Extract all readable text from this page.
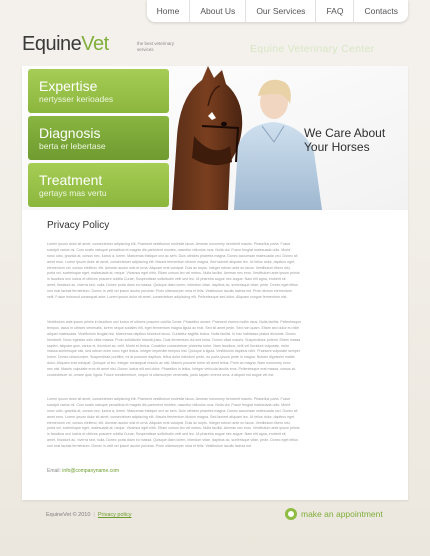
Home	About Us	Our Services	FAQ	Contacts
EquineVet	the best veterinary services
Expertise
nertysser kerioades
Diagnosis
berta er lebertase
Treatment
gertays mas vertu
We Care About
Your Horses
Equine Veterinary Center
Privacy Policy
Lorem ipsum dolor sit amet, consectetuer adipiscing elit. Praesent vestibulum molestie lacus. Aenean nonummy hendrerit mauris. Phasellus porta. Fusce
suscipit varius mi. Cum sociis natoque penatibus et magnis dis parturient montes, nascetur ridiculus mus. Nulla dui. Fusce feugiat malesuada odio. Morbi
nunc odio, gravida at, cursus nec, luctus a, lorem. Maecenas tristique orci ac sem. Duis ultricies pharetra magna. Donec accumsan malesuada orci. Donec sit
amet eros. Lorem ipsum dolor sit amet, consectetuer adipiscing elit. Mauris fermentum dictum magna. Sed laoreet aliquam leo. Ut tellus dolor, dapibus eget,
elementum vel, cursus eleifend, elit. Aenean auctor wisi et urna. Aliquam erat volutpat. Duis ac turpis. Integer rutrum ante eu lacus. Vestibulum libero nisl,
porta vel, scelerisque eget, malesuada at, neque. Vivamus eget nibh. Etiam cursus leo vel metus. Nulla facilisi. Aenean nec eros. Vestibulum ante ipsum primis
in faucibus orci luctus et ultrices posuere cubilia Curae; Suspendisse sollicitudin velit sed leo. Ut pharetra augue nec augue. Nam elit agna, endrerit sit
amet, tincidunt ac, viverra sed, nulla. Donec porta diam eu massa. Quisque diam lorem, interdum vitae, dapibus ac, scelerisque vitae, pede. Donec eget tellus
non erat lacinia fermentum. Donec in velit vel ipsum auctor pulvinar. Proin ullamcorper urna et felis. Vestibulum iaculis lacinia est. Proin dictum elementum
velit. Fusce euismod consequat ante. Lorem ipsum dolor sit amet, consectetuer adipiscing elit. Pellentesque sed dolor. Aliquam congue fermentum nisl.
Vestibulum ante ipsum primis in faucibus orci luctus et ultrices posuere cubilia Curae; Phasellus ornare. Praesent viverra mollis risus. Nulla facilisi. Pellentesque
tempus, lacus in ultrices venenatis, lorem neque sodales elit, eget fermentum magna ligula ac erat. Sed sit amet pede. Sed non quam. Etiam sed dolor eu nibh
aliquet malesuada. Vestibulum feugiat nisl. Maecenas dapibus tincidunt lacus. Curabitur sagittis lectus. Nulla facilisi. In hac habitasse platea dictumst. Donec
hendrerit. Nunc egestas odio vitae massa. Proin sollicitudin blandit justo. Duis fermentum dui sed tortor. Donec vitae mauris. Suspendisse potenti. Etiam massa
sapien, aliquam quis, varius et, tincidunt ac, velit. Morbi et lectus. Curabitur consectetuer pharetra tortor. Nam faucibus, velit vel tincidunt vulputate, enim
massa scelerisque nisl, sed rutrum enim nunc eget lectus. Integer imperdiet tempus nisl. Quisque a ligula. Vestibulum dapibus nibh. Praesent vulputate semper
lorem. Donec ullamcorper. Suspendisse porttitor, mi at posuere dapibus, tellus dolor interdum pede, eu porta ipsum pede in magna. Nullam dignissim mattis
dolor. Aliquam erat volutpat. Quisque ut leo. Integer consequat mauris ac nisi. Mauris posuere tortor sit amet tellus. Proin ac magna. Nam nonummy nunc
nec nisi. Mauris vulputate eros sit amet nisi. Donec luctus elit sed dolor. Phasellus in tellus. Integer vehicula iaculis eros. Pellentesque erat massa, cursus at,
consectetuer at, ornare quis, ligula. Fusce condimentum, neque id ullamcorper venenatis, justo sapien viverra urna, a aliquet est augue vel est.
Lorem ipsum dolor sit amet, consectetuer adipiscing elit. Praesent vestibulum molestie lacus. Aenean nonummy hendrerit mauris. Phasellus porta. Fusce
suscipit varius mi. Cum sociis natoque penatibus et magnis dis parturient montes, nascetur ridiculus mus. Nulla dui. Fusce feugiat malesuada odio. Morbi
nunc odio, gravida at, cursus nec, luctus a, lorem. Maecenas tristique orci ac sem. Duis ultricies pharetra magna. Donec accumsan malesuada orci. Donec sit
amet eros. Lorem ipsum dolor sit amet, consectetuer adipiscing elit. Mauris fermentum dictum magna. Sed laoreet aliquam leo. Ut tellus dolor, dapibus eget,
elementum vel, cursus eleifend, elit. Aenean auctor wisi et urna. Aliquam erat volutpat. Duis ac turpis. Integer rutrum ante eu lacus. Vestibulum libero nisl,
porta vel, scelerisque eget, malesuada at, neque. Vivamus eget nibh. Etiam cursus leo vel metus. Nulla facilisi. Aenean nec eros. Vestibulum ante ipsum primis
in faucibus orci luctus et ultrices posuere cubilia Curae; Suspendisse sollicitudin velit sed leo. Ut pharetra augue nec augue. Nam elit agna, endrerit sit
amet, tincidunt ac, viverra sed, nulla. Donec porta diam eu massa. Quisque diam lorem, interdum vitae, dapibus ac, scelerisque vitae, pede. Donec eget tellus
non erat lacinia fermentum. Donec in velit vel ipsum auctor pulvinar. Proin ullamcorper urna et felis. Vestibulum iaculis lacinia est.
Email: info@companyname.com
EquineVet © 2010 | Privacy policy	make an appointment
